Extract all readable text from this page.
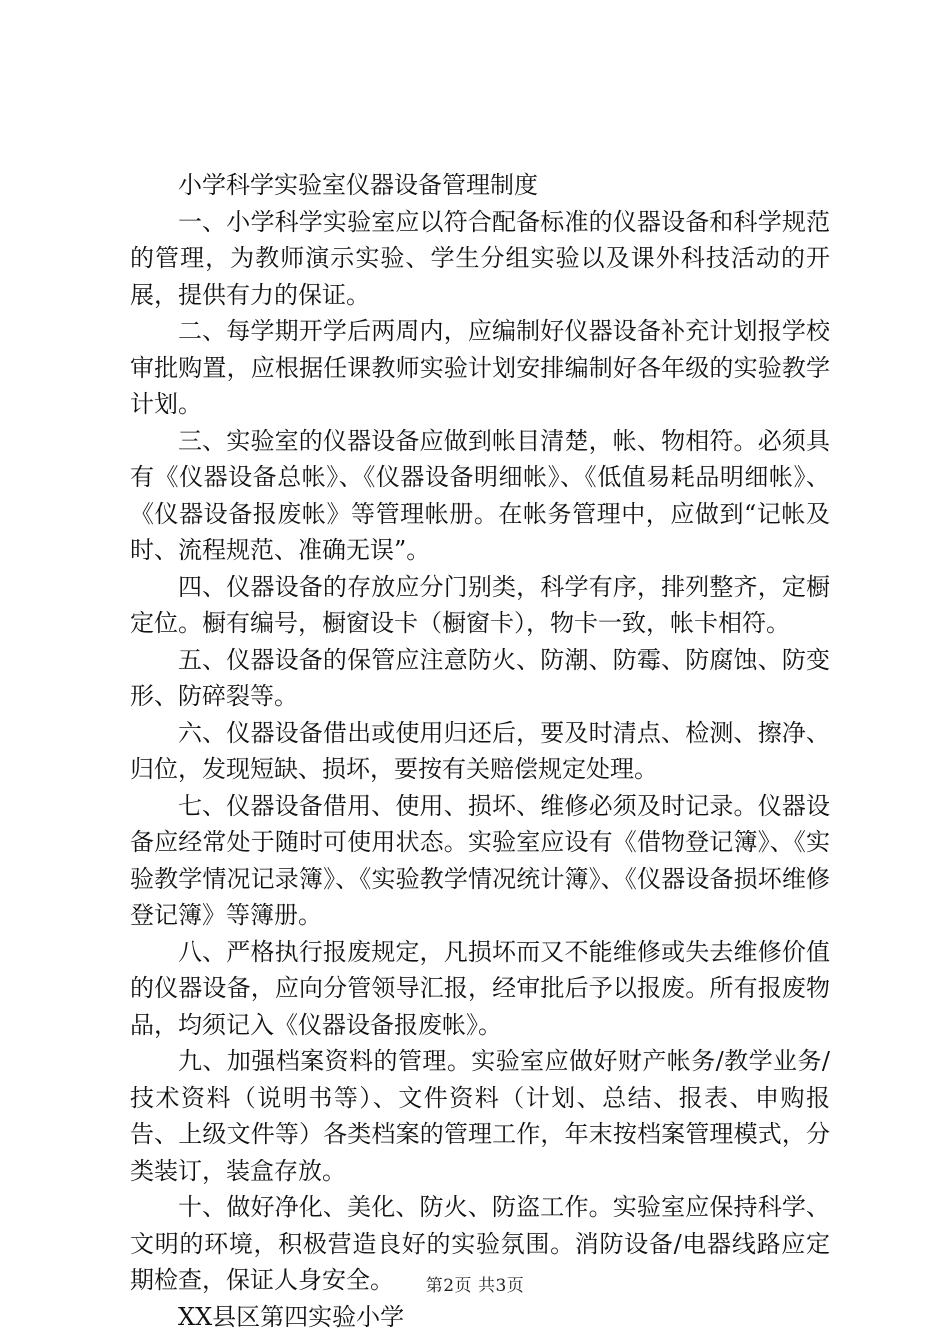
小学科学实验室仪器设备管理制度

一、小学科学实验室应以符合配备标准的仪器设备和科学规范的管理，为教师演示实验、学生分组实验以及课外科技活动的开展，提供有力的保证。

二、每学期开学后两周内，应编制好仪器设备补充计划报学校审批购置，应根据任课教师实验计划安排编制好各年级的实验教学计划。

三、实验室的仪器设备应做到帐目清楚，帐、物相符。必须具有《仪器设备总帐》、《仪器设备明细帐》、《低值易耗品明细帐》、《仪器设备报废帐》等管理帐册。在帐务管理中，应做到“记帐及时、流程规范、准确无误”。

四、仪器设备的存放应分门别类，科学有序，排列整齐，定橱定位。橱有编号，橱窗设卡（橱窗卡），物卡一致，帐卡相符。

五、仪器设备的保管应注意防火、防潮、防霉、防腐蚀、防变形、防碎裂等。

六、仪器设备借出或使用归还后，要及时清点、检测、擦净、归位，发现短缺、损坏，要按有关赔偿规定处理。

七、仪器设备借用、使用、损坏、维修必须及时记录。仪器设备应经常处于随时可使用状态。实验室应设有《借物登记簿》、《实验教学情况记录簿》、《实验教学情况统计簿》、《仪器设备损坏维修登记簿》等簿册。

八、严格执行报废规定，凡损坏而又不能维修或失去维修价值的仪器设备，应向分管领导汇报，经审批后予以报废。所有报废物品，均须记入《仪器设备报废帐》。

九、加强档案资料的管理。实验室应做好财产帐务/教学业务/技术资料（说明书等）、文件资料（计划、总结、报表、申购报告、上级文件等）各类档案的管理工作，年末按档案管理模式，分类装订，装盒存放。

十、做好净化、美化、防火、防盗工作。实验室应保持科学、文明的环境，积极营造良好的实验氛围。消防设备/电器线路应定期检查，保证人身安全。

XX县区第四实验小学

第2页 共3页
